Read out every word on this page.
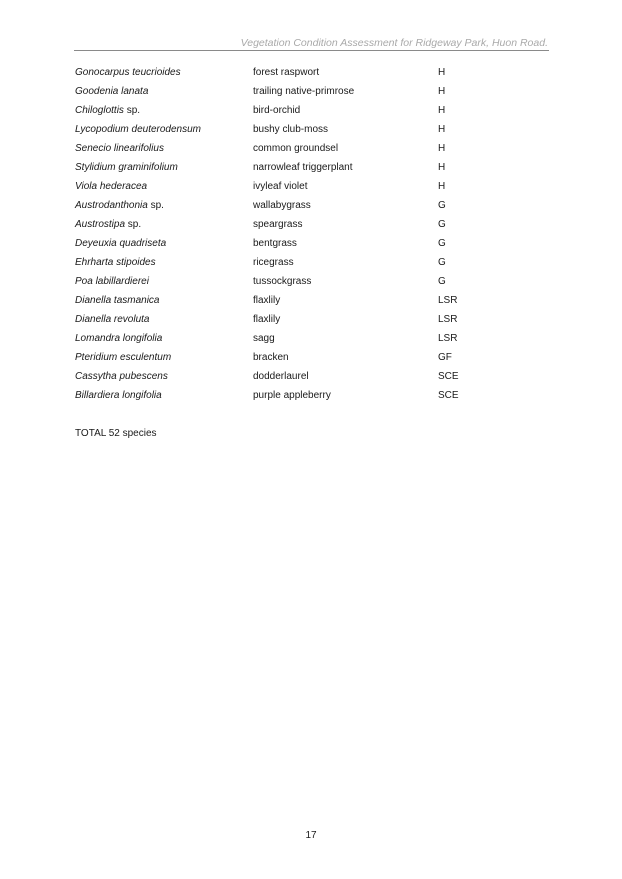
Vegetation Condition Assessment for Ridgeway Park, Huon Road.
Gonocarpus teucrioides	forest raspwort	H
Goodenia lanata	trailing native-primrose	H
Chiloglottis sp.	bird-orchid	H
Lycopodium deuterodensum	bushy club-moss	H
Senecio linearifolius	common groundsel	H
Stylidium graminifolium	narrowleaf triggerplant	H
Viola hederacea	ivyleaf violet	H
Austrodanthonia sp.	wallabygrass	G
Austrostipa sp.	speargrass	G
Deyeuxia quadriseta	bentgrass	G
Ehrharta stipoides	ricegrass	G
Poa labillardierei	tussockgrass	G
Dianella tasmanica	flaxlily	LSR
Dianella revoluta	flaxlily	LSR
Lomandra longifolia	sagg	LSR
Pteridium esculentum	bracken	GF
Cassytha pubescens	dodderlaurel	SCE
Billardiera longifolia	purple appleberry	SCE
TOTAL 52 species
17
